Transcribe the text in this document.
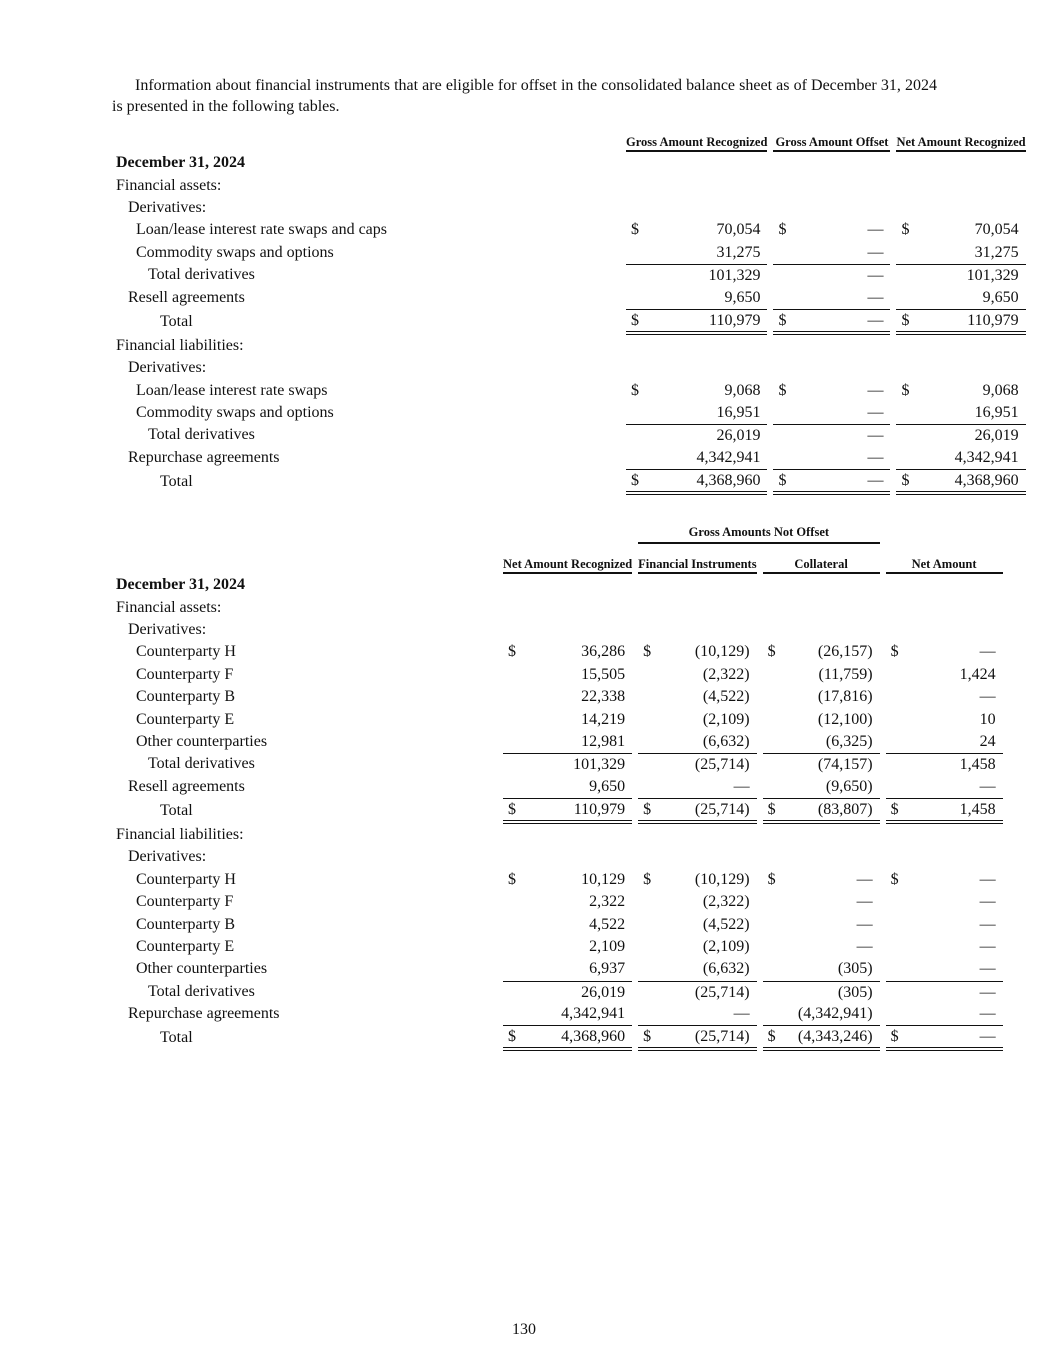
Information about financial instruments that are eligible for offset in the consolidated balance sheet as of December 31, 2024 is presented in the following tables.

		Gross Amount Recognized	Gross Amount Offset	Net Amount Recognized

December 31, 2024				
Financial assets:				
Derivatives:				
Loan/lease interest rate swaps and caps		$ 70,054	$ —	$ 70,054

Commodity swaps and options		31,275	—	31,275

Total derivatives		101,329	—	101,329

Resell agreements		9,650	—	9,650

Total		$ 110,979	$ —	$ 110,979

Financial liabilities:				
Derivatives:				
Loan/lease interest rate swaps		$ 9,068	$ —	$ 9,068

Commodity swaps and options		16,951	—	16,951

Total derivatives		26,019	—	26,019

Repurchase agreements		4,342,941	—	4,342,941

Total		$ 4,368,960	$ —	$ 4,368,960

		Gross Amounts Not Offset		

	Net Amount Recognized	Financial Instruments	Collateral	Net Amount

December 31, 2024				
Financial assets:				
Derivatives:				
Counterparty H	$ 36,286	$ (10,129)	$ (26,157)	$ —

Counterparty F	15,505	(2,322)	(11,759)	1,424

Counterparty B	22,338	(4,522)	(17,816)	—

Counterparty E	14,219	(2,109)	(12,100)	10

Other counterparties	12,981	(6,632)	(6,325)	24

Total derivatives	101,329	(25,714)	(74,157)	1,458

Resell agreements	9,650	—	(9,650)	—

Total	$ 110,979	$ (25,714)	$ (83,807)	$ 1,458

Financial liabilities:				
Derivatives:				
Counterparty H	$ 10,129	$ (10,129)	$ —	$ —

Counterparty F	2,322	(2,322)	—	—

Counterparty B	4,522	(4,522)	—	—

Counterparty E	2,109	(2,109)	—	—

Other counterparties	6,937	(6,632)	(305)	—

Total derivatives	26,019	(25,714)	(305)	—

Repurchase agreements	4,342,941	—	(4,342,941)	—

Total	$ 4,368,960	$ (25,714)	$ (4,343,246)	$ —
130
